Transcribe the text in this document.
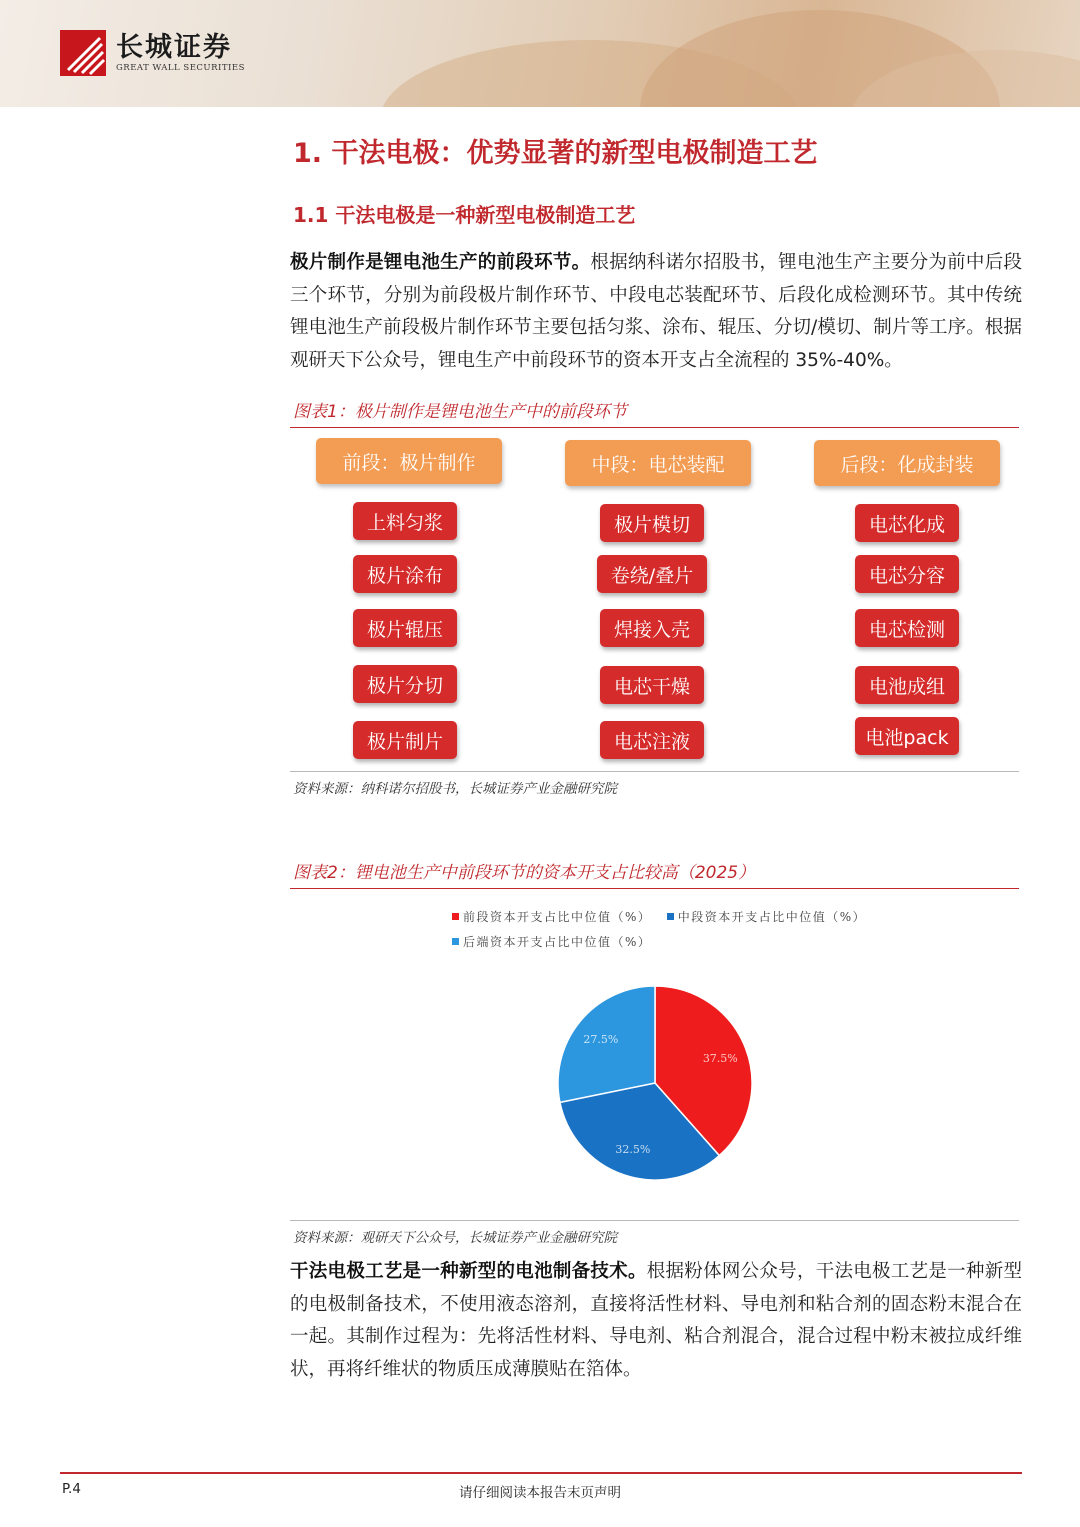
长城证券
GREAT WALL SECURITIES
1. 干法电极：优势显著的新型电极制造工艺
1.1 干法电极是一种新型电极制造工艺
极片制作是锂电池生产的前段环节。根据纳科诺尔招股书，锂电池生产主要分为前中后段三个环节，分别为前段极片制作环节、中段电芯装配环节、后段化成检测环节。其中传统锂电池生产前段极片制作环节主要包括匀浆、涂布、辊压、分切/模切、制片等工序。根据观研天下公众号，锂电生产中前段环节的资本开支占全流程的 35%-40%。
图表1：极片制作是锂电池生产中的前段环节
前段：极片制作	中段：电芯装配	后段：化成封装
上料匀浆
极片涂布
极片辊压
极片分切
极片制片
极片模切
卷绕/叠片
焊接入壳
电芯干燥
电芯注液
电芯化成
电芯分容
电芯检测
电池成组
电池pack
资料来源：纳科诺尔招股书，长城证券产业金融研究院
图表2：锂电池生产中前段环节的资本开支占比较高（2025）
前段资本开支占比中位值（%） 中段资本开支占比中位值（%）
后端资本开支占比中位值（%）
37.5%
32.5%
27.5%
资料来源：观研天下公众号，长城证券产业金融研究院
干法电极工艺是一种新型的电池制备技术。根据粉体网公众号，干法电极工艺是一种新型的电极制备技术，不使用液态溶剂，直接将活性材料、导电剂和粘合剂的固态粉末混合在一起。其制作过程为：先将活性材料、导电剂、粘合剂混合，混合过程中粉末被拉成纤维状，再将纤维状的物质压成薄膜贴在箔体。
P.4	请仔细阅读本报告末页声明
